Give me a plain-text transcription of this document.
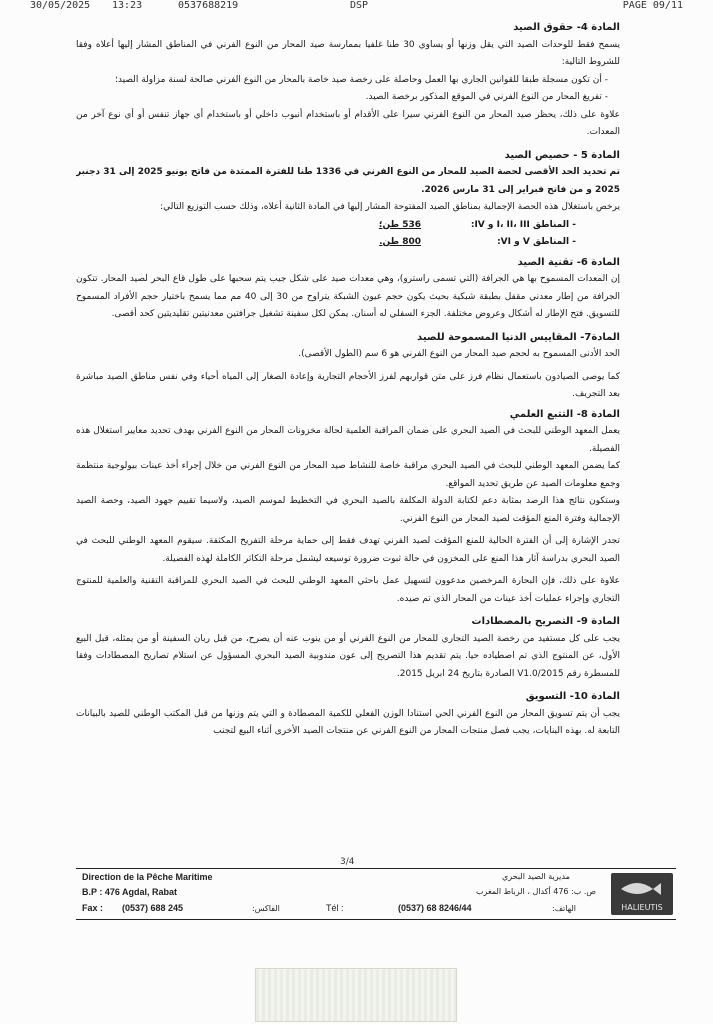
30/05/2025 13:23	0537688219	DSP	PAGE 09/11

المادة 4- حقوق الصيد

يسمح فقط للوحدات الصيد التي يقل وزنها أو يساوي 30 طنا غلفيا بممارسة صيد المحار من النوع الفرني في المناطق المشار إليها أعلاه وفقا للشروط التالية:

- أن تكون مسجلة طبقا للقوانين الجاري بها العمل وحاصلة على رخصة صيد خاصة بالمحار من النوع الفرني صالحة لسنة مزاولة الصيد؛

- تفريغ المحار من النوع الفرني في الموقع المذكور برخصة الصيد.

علاوة على ذلك، يحظر صيد المحار من النوع الفرني سيرا على الأقدام أو باستخدام أنبوب داخلي أو باستخدام أي جهاز تنفس أو أي نوع آخر من المعدات.

المادة 5 - حصيص الصيد

تم تحديد الحد الأقصى لحصة الصيد للمحار من النوع الفرني في 1336 طنا للفترة الممتدة من فاتح يونيو 2025 إلى 31 دجنبر 2025 و من فاتح فبراير إلى 31 مارس 2026.

يرخص باستغلال هذه الحصة الإجمالية بمناطق الصيد المفتوحة المشار إليها في المادة الثانية أعلاه، وذلك حسب التوزيع التالي:

- المناطق I، II، III و IV:
536 طن؛
- المناطق V و VI:
800 طن.

المادة 6- تقنية الصيد

إن المعدات المسموح بها هي الجرافة (التي تسمى راسترو)، وهي معدات صيد على شكل جيب يتم سحبها على طول قاع البحر لصيد المحار. تتكون الجرافة من إطار معدني مقفل بطبقة شبكية بحيث يكون حجم عيون الشبكة يتراوح من 30 إلى 40 مم مما يسمح باختيار حجم الأفراد المسموح للتسويق. فتح الإطار له أشكال وعروض مختلفة. الجزء السفلي له أسنان. يمكن لكل سفينة تشغيل جرافتين معدنيتين تقليديتين كحد أقصى.

المادة7- المقاييس الدنيا المسموحة للصيد

الحد الأدنى المسموح به لحجم صيد المحار من النوع الفرني هو 6 سم (الطول الأقصى).

كما يوصى الصيادون باستعمال نظام فرز على متن قواربهم لفرز الأحجام التجارية وإعادة الصغار إلى المياه أحياء وفي نفس مناطق الصيد مباشرة بعد التجريف.

المادة 8- التتبع العلمي

يعمل المعهد الوطني للبحث في الصيد البحري على ضمان المراقبة العلمية لحالة مخزونات المحار من النوع الفرني بهدف تحديد معايير استغلال هذه الفصيلة.

كما يضمن المعهد الوطني للبحث في الصيد البحري مراقبة خاصة للنشاط صيد المحار من النوع الفرني من خلال إجراء أخذ عينات بيولوجية منتظمة وجمع معلومات الصيد عن طريق تحديد المواقع.

وستكون نتائج هذا الرصد بمثابة دعم لكتابة الدولة المكلفة بالصيد البحري في التخطيط لموسم الصيد، ولاسيما تقييم جهود الصيد، وحصة الصيد الإجمالية وفترة المنع المؤقت لصيد المحار من النوع الفرني.

تجدر الإشارة إلى أن الفترة الحالية للمنع المؤقت لصيد الفرني تهدف فقط إلى حماية مرحلة التفريخ المكثفة. سيقوم المعهد الوطني للبحث في الصيد البحري بدراسة آثار هذا المنع على المخزون في حالة ثبوت ضرورة توسيعه ليشمل مرحلة التكاثر الكاملة لهذه الفصيلة.

علاوة على ذلك، فإن البحارة المرخصين مدعوون لتسهيل عمل باحثي المعهد الوطني للبحث في الصيد البحري للمراقبة التقنية والعلمية للمنتوج التجاري وإجراء عمليات أخذ عينات من المحار الذي تم صيده.

المادة 9- التصريح بالمصطادات

يجب على كل مستفيد من رخصة الصيد التجاري للمحار من النوع الفرني أو من ينوب عنه أن يصرح، من قبل ربان السفينة أو من يمثله، قبل البيع الأول، عن المنتوج الذي تم اصطياده حيا. يتم تقديم هذا التصريح إلى عون مندوبية الصيد البحري المسؤول عن استلام تصاريح المصطادات وفقا للمسطرة رقم V1.0/2015 الصادرة بتاريخ 24 ابريل 2015.

المادة 10- التسويق

يجب أن يتم تسويق المحار من النوع الفرني الحي استنادا الوزن الفعلي للكمية المصطادة و التي يتم وزنها من قبل المكتب الوطني للصيد بالبيانات التابعة له. بهذه البنايات، يجب فصل منتجات المحار من النوع الفرني عن منتجات الصيد الأخرى أثناء البيع لتجنب

3/4
Direction de la Pêche Maritime
B.P : 476 Agdal, Rabat
Fax : (0537) 688 245	الفاكس:	Tél :	(0537) 68 8246/44	الهاتف:
مديرية الصيد البحري
ص. ب: 476 أكدال ، الرباط المغرب
HALIEUTIS
